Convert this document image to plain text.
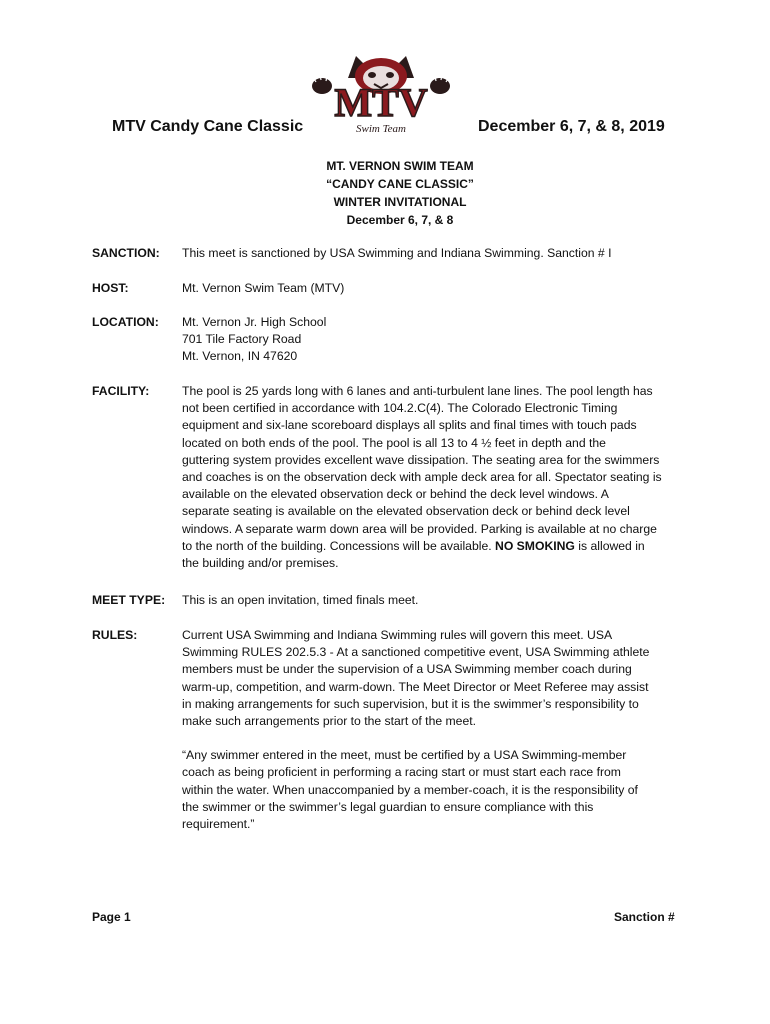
MTV
Swim Team
MTV Candy Cane Classic	December 6, 7, & 8, 2019
MT. VERNON SWIM TEAM
“CANDY CANE CLASSIC”
WINTER INVITATIONAL
December 6, 7, & 8
SANCTION: This meet is sanctioned by USA Swimming and Indiana Swimming. Sanction # I
HOST:	Mt. Vernon Swim Team (MTV)
LOCATION: Mt. Vernon Jr. High School

701 Tile Factory Road

Mt. Vernon, IN 47620

FACILITY:	The pool is 25 yards long with 6 lanes and anti-turbulent lane lines. The pool length has

not been certified in accordance with 104.2.C(4). The Colorado Electronic Timing

equipment and six-lane scoreboard displays all splits and final times with touch pads

located on both ends of the pool. The pool is all 13 to 4 ½ feet in depth and the

guttering system provides excellent wave dissipation. The seating area for the swimmers

and coaches is on the observation deck with ample deck area for all. Spectator seating is

available on the elevated observation deck or behind the deck level windows. A

separate seating is available on the elevated observation deck or behind deck level

windows. A separate warm down area will be provided. Parking is available at no charge

to the north of the building. Concessions will be available. NO SMOKING is allowed in

the building and/or premises.

MEET TYPE: This is an open invitation, timed finals meet.
RULES:	Current USA Swimming and Indiana Swimming rules will govern this meet. USA

Swimming RULES 202.5.3 - At a sanctioned competitive event, USA Swimming athlete

members must be under the supervision of a USA Swimming member coach during

warm-up, competition, and warm-down. The Meet Director or Meet Referee may assist

in making arrangements for such supervision, but it is the swimmer’s responsibility to

make such arrangements prior to the start of the meet.

“Any swimmer entered in the meet, must be certified by a USA Swimming-member

coach as being proficient in performing a racing start or must start each race from

within the water. When unaccompanied by a member-coach, it is the responsibility of

the swimmer or the swimmer’s legal guardian to ensure compliance with this

requirement.”

Page 1	Sanction #
